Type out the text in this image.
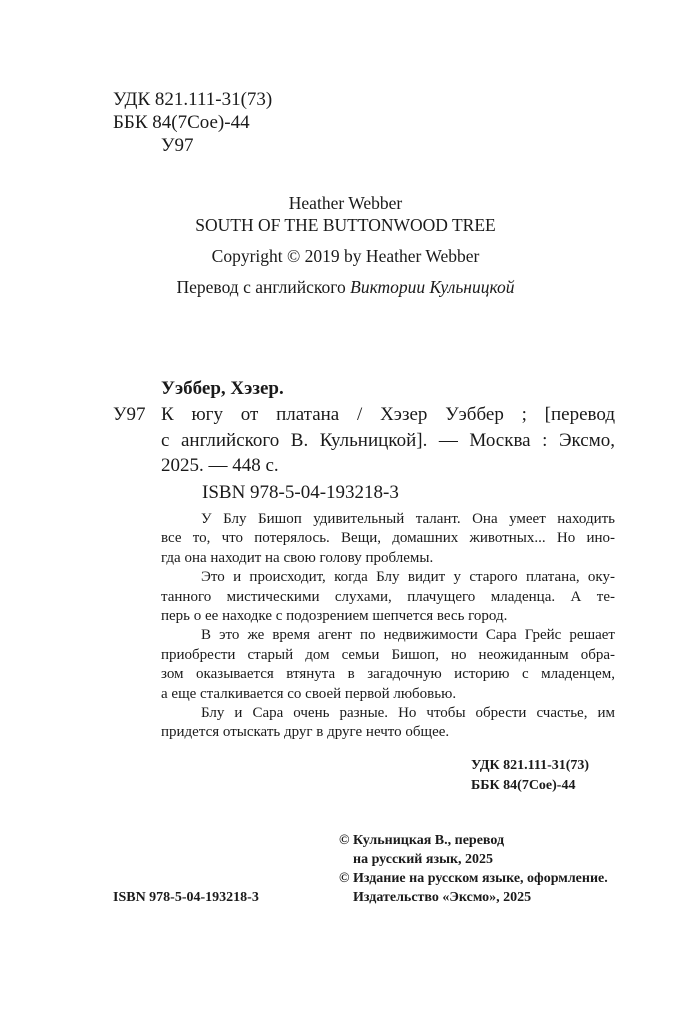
УДК 821.111-31(73)
ББК 84(7Сое)-44
У97
Heather Webber
SOUTH OF THE BUTTONWOOD TREE
Copyright © 2019 by Heather Webber
Перевод с английского Виктории Кульницкой
Уэббер, Хэзер.
У97 К югу от платана / Хэзер Уэббер ; [перевод
с английского В. Кульницкой]. — Москва : Эксмо,
2025. — 448 с.
ISBN 978-5-04-193218-3

У Блу Бишоп удивительный талант. Она умеет находить
все то, что потерялось. Вещи, домашних животных... Но ино-
гда она находит на свою голову проблемы.

Это и происходит, когда Блу видит у старого платана, оку-
танного мистическими слухами, плачущего младенца. А те-
перь о ее находке с подозрением шепчется весь город.

В это же время агент по недвижимости Сара Грейс решает
приобрести старый дом семьи Бишоп, но неожиданным обра-
зом оказывается втянута в загадочную историю с младенцем,
а еще сталкивается со своей первой любовью.

Блу и Сара очень разные. Но чтобы обрести счастье, им
придется отыскать друг в друге нечто общее.

УДК 821.111-31(73)
ББК 84(7Сое)-44
© Кульницкая В., перевод
на русский язык, 2025
© Издание на русском языке, оформление.
Издательство «Эксмо», 2025
ISBN 978-5-04-193218-3
